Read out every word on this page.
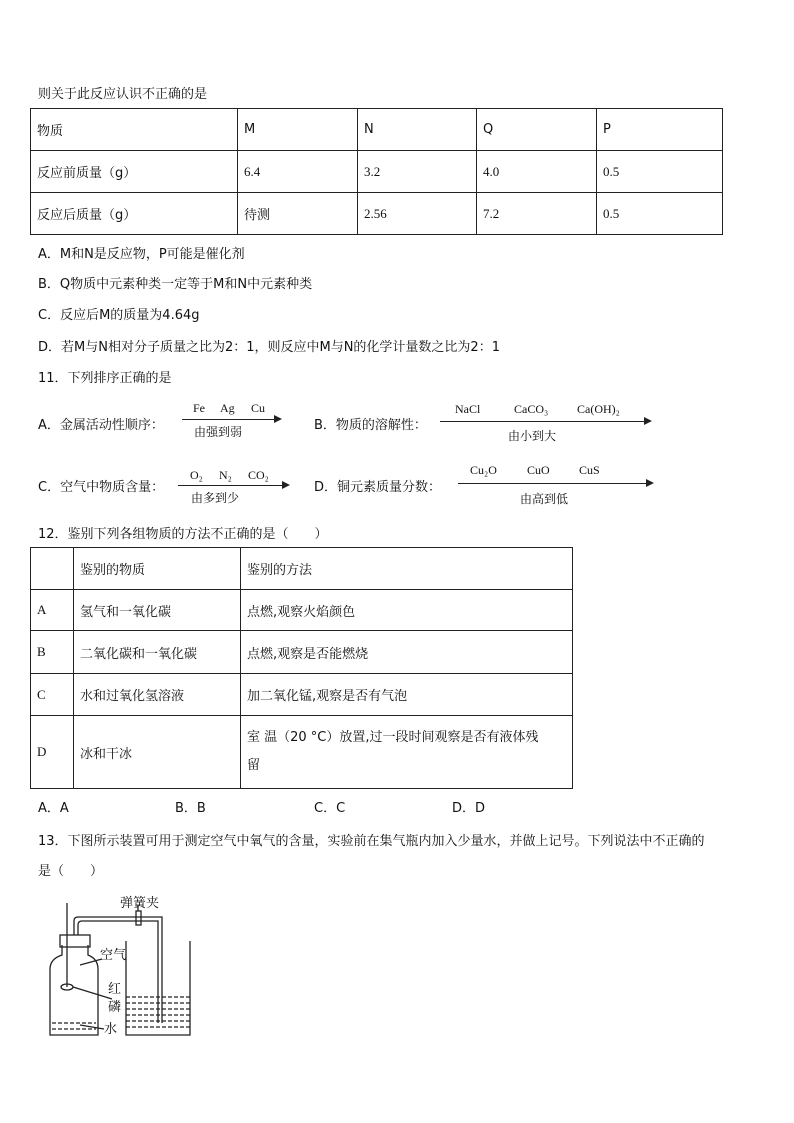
则关于此反应认识不正确的是
物质	M	N	Q	P
反应前质量（g）	6.4	3.2	4.0	0.5
反应后质量（g）	待测	2.56	7.2	0.5
A．M和N是反应物，P可能是催化剂
B．Q物质中元素种类一定等于M和N中元素种类
C．反应后M的质量为4.64g
D．若M与N相对分子质量之比为2：1，则反应中M与N的化学计量数之比为2：1
11．下列排序正确的是
A．金属活动性顺序：
Fe Ag Cu
由强到弱	B．物质的溶解性：
NaCl	CaCO₃ Ca(OH)₂
由小到大
C．空气中物质含量：
O₂ N₂ CO₂
由多到少
D．铜元素质量分数：
Cu₂O	CuO CuS
由高到低
12．鉴别下列各组物质的方法不正确的是（　　）
	鉴别的物质	鉴别的方法
A	氢气和一氧化碳	点燃,观察火焰颜色
B	二氧化碳和一氧化碳	点燃,观察是否能燃烧
C	水和过氧化氢溶液	加二氧化锰,观察是否有气泡
D	冰和干冰	室 温（20 °C）放置,过一段时间观察是否有液体残
留
A．A	B．B	C．C	D．D
13．下图所示装置可用于测定空气中氧气的含量，实验前在集气瓶内加入少量水，并做上记号。下列说法中不正确的
是（　　）
弹簧夹
空气
红
磷
水
